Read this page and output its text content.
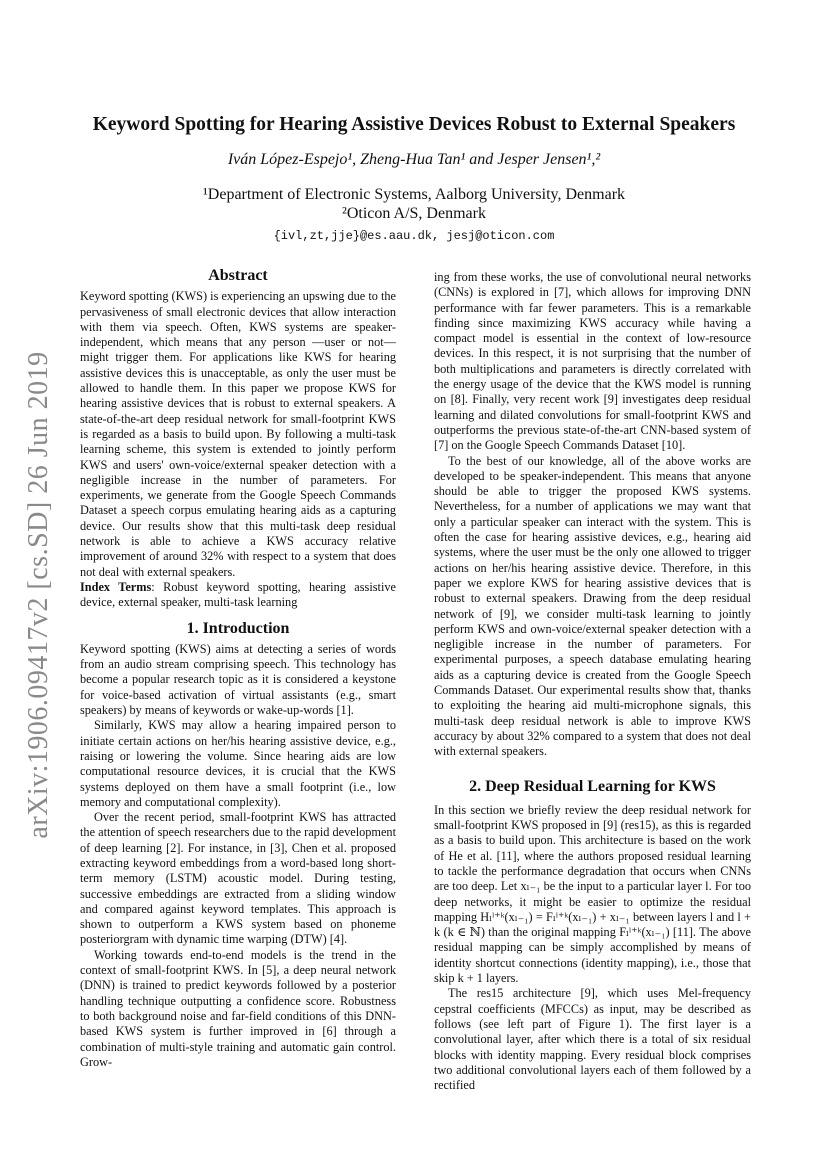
arXiv:1906.09417v2 [cs.SD] 26 Jun 2019
Keyword Spotting for Hearing Assistive Devices Robust to External Speakers
Iván López-Espejo¹, Zheng-Hua Tan¹ and Jesper Jensen¹,²
¹Department of Electronic Systems, Aalborg University, Denmark
²Oticon A/S, Denmark
{ivl,zt,jje}@es.aau.dk, jesj@oticon.com
Abstract

Keyword spotting (KWS) is experiencing an upswing due to the pervasiveness of small electronic devices that allow interaction with them via speech. Often, KWS systems are speaker-independent, which means that any person —user or not— might trigger them. For applications like KWS for hearing assistive devices this is unacceptable, as only the user must be allowed to handle them. In this paper we propose KWS for hearing assistive devices that is robust to external speakers. A state-of-the-art deep residual network for small-footprint KWS is regarded as a basis to build upon. By following a multi-task learning scheme, this system is extended to jointly perform KWS and users' own-voice/external speaker detection with a negligible increase in the number of parameters. For experiments, we generate from the Google Speech Commands Dataset a speech corpus emulating hearing aids as a capturing device. Our results show that this multi-task deep residual network is able to achieve a KWS accuracy relative improvement of around 32% with respect to a system that does not deal with external speakers.

Index Terms: Robust keyword spotting, hearing assistive device, external speaker, multi-task learning

1. Introduction

Keyword spotting (KWS) aims at detecting a series of words from an audio stream comprising speech. This technology has become a popular research topic as it is considered a keystone for voice-based activation of virtual assistants (e.g., smart speakers) by means of keywords or wake-up-words [1].

Similarly, KWS may allow a hearing impaired person to initiate certain actions on her/his hearing assistive device, e.g., raising or lowering the volume. Since hearing aids are low computational resource devices, it is crucial that the KWS systems deployed on them have a small footprint (i.e., low memory and computational complexity).

Over the recent period, small-footprint KWS has attracted the attention of speech researchers due to the rapid development of deep learning [2]. For instance, in [3], Chen et al. proposed extracting keyword embeddings from a word-based long short-term memory (LSTM) acoustic model. During testing, successive embeddings are extracted from a sliding window and compared against keyword templates. This approach is shown to outperform a KWS system based on phoneme posteriorgram with dynamic time warping (DTW) [4].

Working towards end-to-end models is the trend in the context of small-footprint KWS. In [5], a deep neural network (DNN) is trained to predict keywords followed by a posterior handling technique outputting a confidence score. Robustness to both background noise and far-field conditions of this DNN-based KWS system is further improved in [6] through a combination of multi-style training and automatic gain control. Grow-

ing from these works, the use of convolutional neural networks (CNNs) is explored in [7], which allows for improving DNN performance with far fewer parameters. This is a remarkable finding since maximizing KWS accuracy while having a compact model is essential in the context of low-resource devices. In this respect, it is not surprising that the number of both multiplications and parameters is directly correlated with the energy usage of the device that the KWS model is running on [8]. Finally, very recent work [9] investigates deep residual learning and dilated convolutions for small-footprint KWS and outperforms the previous state-of-the-art CNN-based system of [7] on the Google Speech Commands Dataset [10].

To the best of our knowledge, all of the above works are developed to be speaker-independent. This means that anyone should be able to trigger the proposed KWS systems. Nevertheless, for a number of applications we may want that only a particular speaker can interact with the system. This is often the case for hearing assistive devices, e.g., hearing aid systems, where the user must be the only one allowed to trigger actions on her/his hearing assistive device. Therefore, in this paper we explore KWS for hearing assistive devices that is robust to external speakers. Drawing from the deep residual network of [9], we consider multi-task learning to jointly perform KWS and own-voice/external speaker detection with a negligible increase in the number of parameters. For experimental purposes, a speech database emulating hearing aids as a capturing device is created from the Google Speech Commands Dataset. Our experimental results show that, thanks to exploiting the hearing aid multi-microphone signals, this multi-task deep residual network is able to improve KWS accuracy by about 32% compared to a system that does not deal with external speakers.

2. Deep Residual Learning for KWS

In this section we briefly review the deep residual network for small-footprint KWS proposed in [9] (res15), as this is regarded as a basis to build upon. This architecture is based on the work of He et al. [11], where the authors proposed residual learning to tackle the performance degradation that occurs when CNNs are too deep. Let xₗ₋₁ be the input to a particular layer l. For too deep networks, it might be easier to optimize the residual mapping Hₗˡ⁺ᵏ(xₗ₋₁) = Fₗˡ⁺ᵏ(xₗ₋₁) + xₗ₋₁ between layers l and l + k (k ∈ ℕ) than the original mapping Fₗˡ⁺ᵏ(xₗ₋₁) [11]. The above residual mapping can be simply accomplished by means of identity shortcut connections (identity mapping), i.e., those that skip k + 1 layers.

The res15 architecture [9], which uses Mel-frequency cepstral coefficients (MFCCs) as input, may be described as follows (see left part of Figure 1). The first layer is a convolutional layer, after which there is a total of six residual blocks with identity mapping. Every residual block comprises two additional convolutional layers each of them followed by a rectified
